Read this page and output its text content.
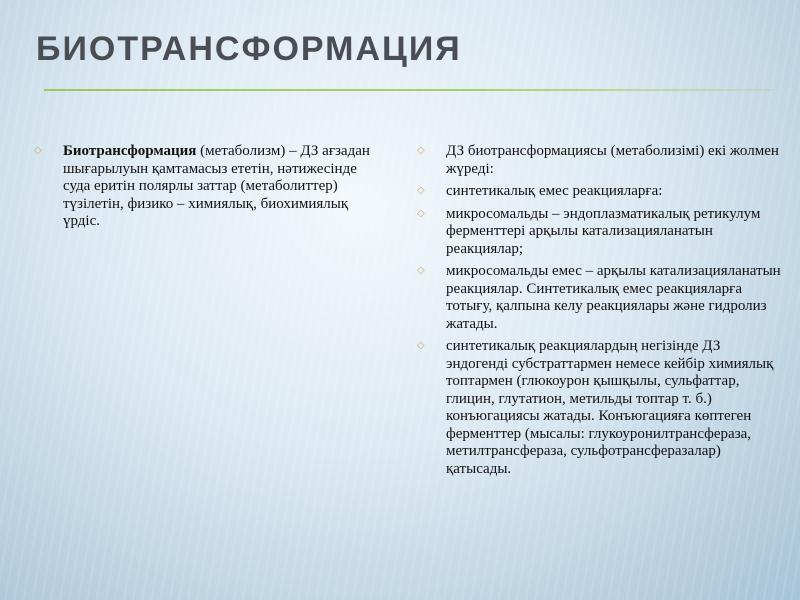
БИОТРАНСФОРМАЦИЯ
◇ Биотрансформация (метаболизм) – ДЗ ағзадан шығарылуын қамтамасыз ететін, нәтижесінде суда еритін полярлы заттар (метаболиттер) түзілетін, физико – химиялық, биохимиялық үрдіс.
◇ ДЗ биотрансформациясы (метаболизімі) екі жолмен жүреді:
◇ синтетикалық емес реакцияларға:
◇ микросомальды – эндоплазматикалық ретикулум ферменттері арқылы катализацияланатын реакциялар;
◇ микросомальды емес – арқылы катализацияланатын реакциялар. Синтетикалық емес реакцияларға тотығу, қалпына келу реакциялары және гидролиз жатады.
◇ синтетикалық реакциялардың негізінде ДЗ эндогенді субстраттармен немесе кейбір химиялық топтармен (глюкоурон қышқылы, сульфаттар, глицин, глутатион, метильды топтар т. б.) конъюгациясы жатады. Конъюгацияға көптеген ферменттер (мысалы: глукоуронилтрансфераза, метилтрансфераза, сульфотрансферазалар) қатысады.
